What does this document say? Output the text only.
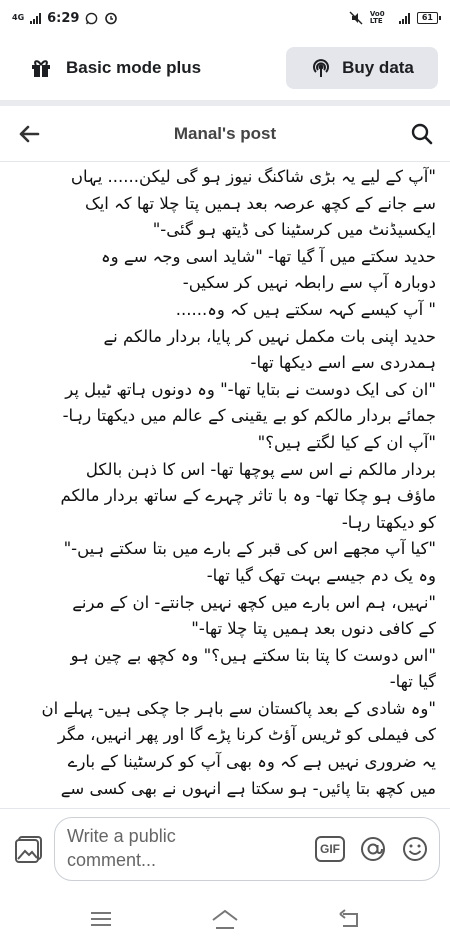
4G 6:29	Vo0 LTE	61
Basic mode plus	Buy data
Manal's post

"آپ کے لیے یہ بڑی شاکنگ نیوز ہو گی لیکن...... یہاں

سے جانے کے کچھ عرصہ بعد ہمیں پتا چلا تھا کہ ایک

ایکسیڈنٹ میں کرسٹینا کی ڈیتھ ہو گئی-"

حدید سکتے میں آ گیا تھا- "شاید اسی وجہ سے وہ

دوبارہ آپ سے رابطہ نہیں کر سکیں-

" آپ کیسے کہہ سکتے ہیں کہ وہ......

حدید اپنی بات مکمل نہیں کر پایا، بردار مالکم نے

ہمدردی سے اسے دیکھا تھا-

"ان کی ایک دوست نے بتایا تھا-" وہ دونوں ہاتھ ٹیبل پر

جمائے بردار مالکم کو بے یقینی کے عالم میں دیکھتا رہا-

"آپ ان کے کیا لگتے ہیں؟"

بردار مالکم نے اس سے پوچھا تھا- اس کا ذہن بالکل

ماؤف ہو چکا تھا- وہ با تاثر چہرے کے ساتھ بردار مالکم

کو دیکھتا رہا-

"کیا آپ مجھے اس کی قبر کے بارے میں بتا سکتے ہیں-"

وہ یک دم جیسے بہت تھک گیا تھا-

"نہیں، ہم اس بارے میں کچھ نہیں جانتے- ان کے مرنے

کے کافی دنوں بعد ہمیں پتا چلا تھا-"

"اس دوست کا پتا بتا سکتے ہیں؟" وہ کچھ بے چین ہو

گیا تھا-

"وہ شادی کے بعد پاکستان سے باہر جا چکی ہیں- پہلے ان

کی فیملی کو ٹریس آؤٹ کرنا پڑے گا اور پھر انہیں، مگر

یہ ضروری نہیں ہے کہ وہ بھی آپ کو کرسٹینا کے بارے

میں کچھ بتا پائیں- ہو سکتا ہے انہوں نے بھی کسی سے

Write a public comment...
GIF
